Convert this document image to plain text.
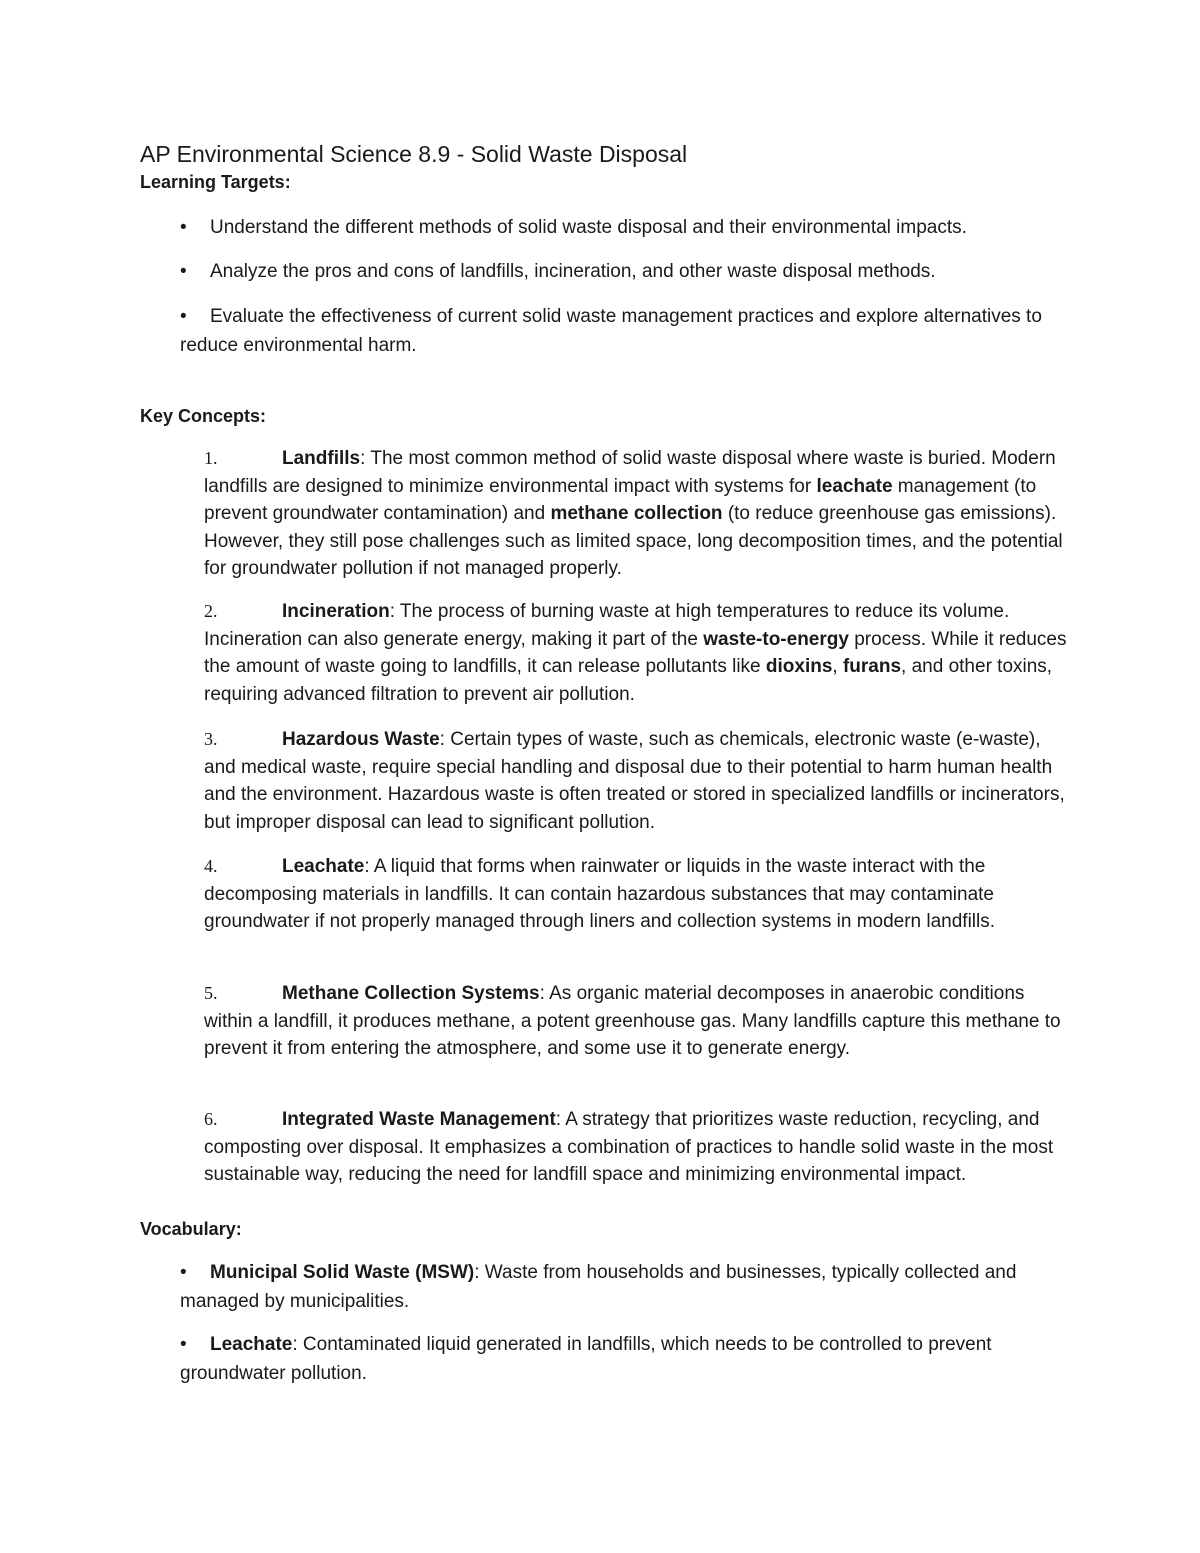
AP Environmental Science 8.9 - Solid Waste Disposal
Learning Targets:
• Understand the different methods of solid waste disposal and their environmental impacts.
• Analyze the pros and cons of landfills, incineration, and other waste disposal methods.
• Evaluate the effectiveness of current solid waste management practices and explore alternatives to reduce environmental harm.
Key Concepts:
1.	Landfills: The most common method of solid waste disposal where waste is buried. Modern landfills are designed to minimize environmental impact with systems for leachate management (to prevent groundwater contamination) and methane collection (to reduce greenhouse gas emissions). However, they still pose challenges such as limited space, long decomposition times, and the potential for groundwater pollution if not managed properly.
2.	Incineration: The process of burning waste at high temperatures to reduce its volume. Incineration can also generate energy, making it part of the waste-to-energy process. While it reduces the amount of waste going to landfills, it can release pollutants like dioxins, furans, and other toxins, requiring advanced filtration to prevent air pollution.
3.	Hazardous Waste: Certain types of waste, such as chemicals, electronic waste (e-waste), and medical waste, require special handling and disposal due to their potential to harm human health and the environment. Hazardous waste is often treated or stored in specialized landfills or incinerators, but improper disposal can lead to significant pollution.
4.	Leachate: A liquid that forms when rainwater or liquids in the waste interact with the decomposing materials in landfills. It can contain hazardous substances that may contaminate groundwater if not properly managed through liners and collection systems in modern landfills.
5.	Methane Collection Systems: As organic material decomposes in anaerobic conditions within a landfill, it produces methane, a potent greenhouse gas. Many landfills capture this methane to prevent it from entering the atmosphere, and some use it to generate energy.
6.	Integrated Waste Management: A strategy that prioritizes waste reduction, recycling, and composting over disposal. It emphasizes a combination of practices to handle solid waste in the most sustainable way, reducing the need for landfill space and minimizing environmental impact.
Vocabulary:
• Municipal Solid Waste (MSW): Waste from households and businesses, typically collected and managed by municipalities.
• Leachate: Contaminated liquid generated in landfills, which needs to be controlled to prevent groundwater pollution.
